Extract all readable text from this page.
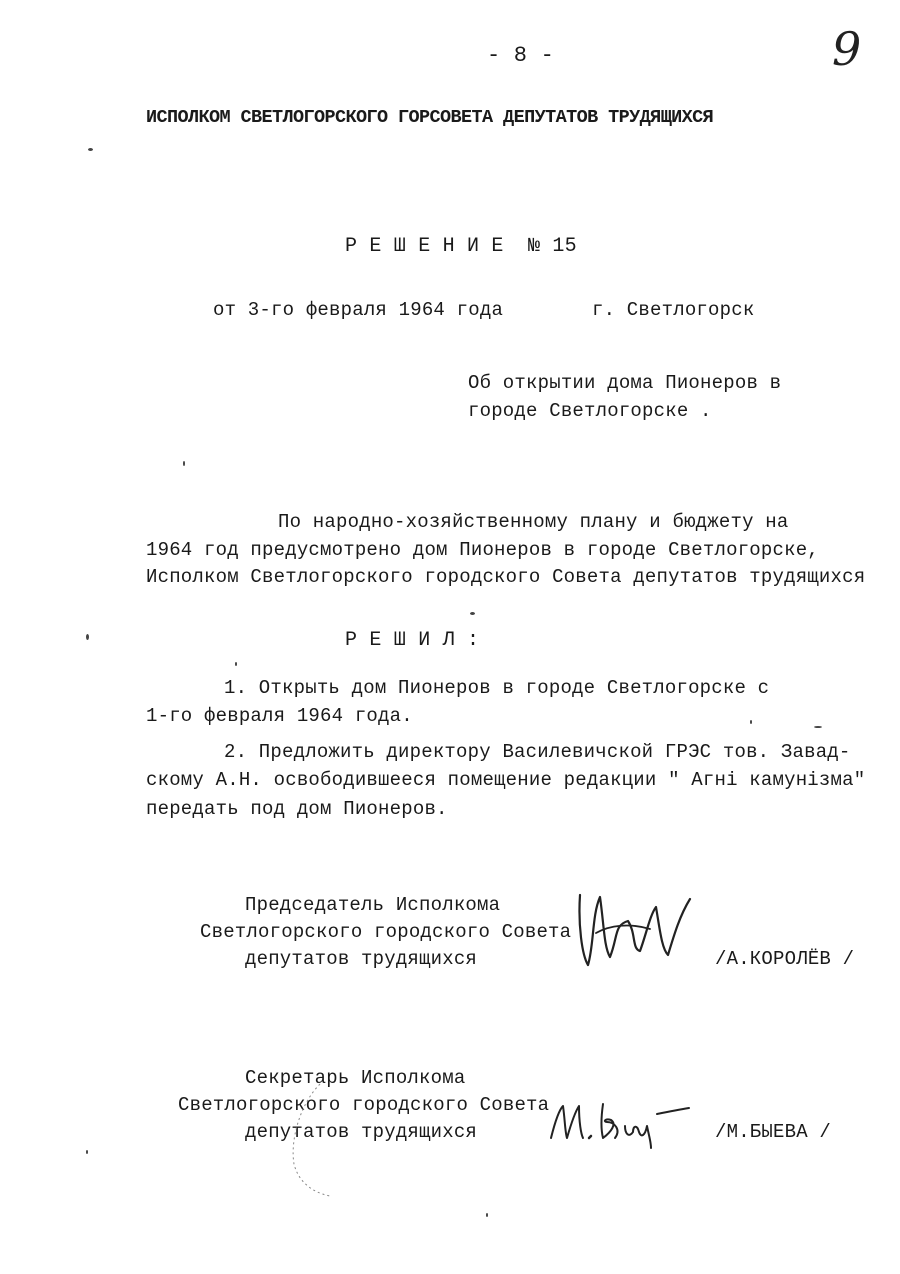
- 8 -	9
ИСПОЛКОМ СВЕТЛОГОРСКОГО ГОРСОВЕТА ДЕПУТАТОВ ТРУДЯЩИХСЯ
Р Е Ш Е Н И Е  № 15
от 3-го февраля 1964 года	г. Светлогорск
Об открытии дома Пионеров в
городе Светлогорске .
По народно-хозяйственному плану и бюджету на
1964 год предусмотрено дом Пионеров в городе Светлогорске,
Исполком Светлогорского городского Совета депутатов трудящихся
Р Е Ш И Л :
1. Открыть дом Пионеров в городе Светлогорске с
1-го февраля 1964 года.
2. Предложить директору Василевичской ГРЭС тов. Завад-
скому А.Н. освободившееся помещение редакции " Агнi камунiзма"
передать под дом Пионеров.
Председатель Исполкома
Светлогорского городского Совета
депутатов трудящихся	/А.КОРОЛЁВ /
Секретарь Исполкома
Светлогорского городского Совета
депутатов трудящихся	/М.БЫЕВА /
